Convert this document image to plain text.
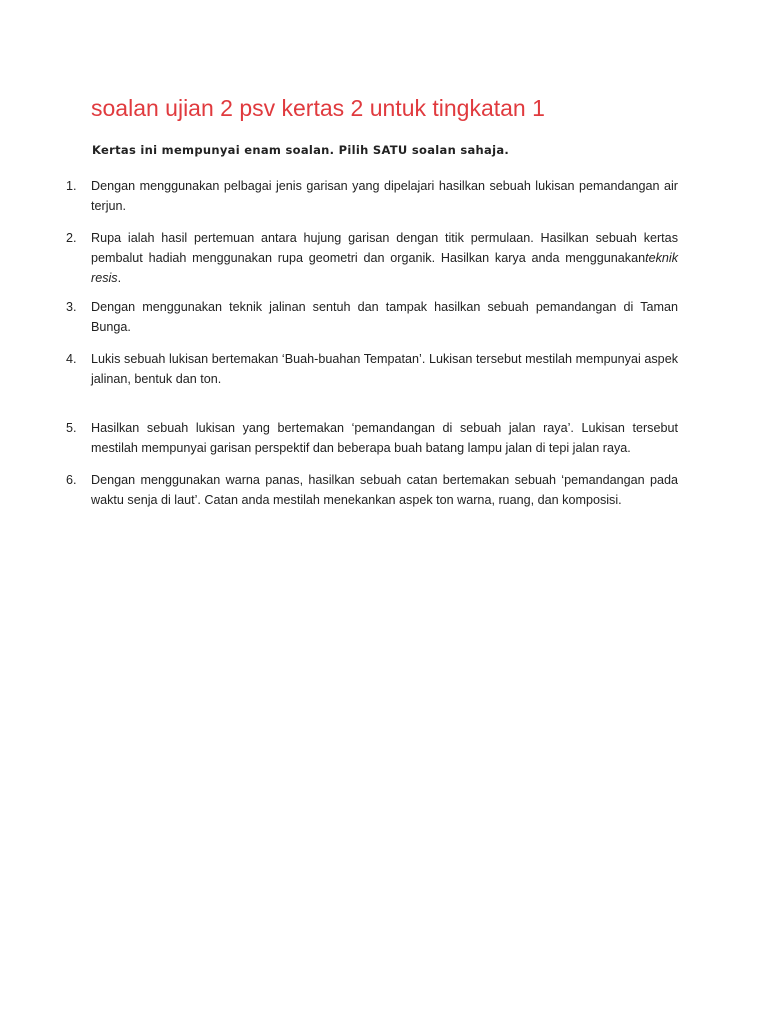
soalan ujian 2 psv kertas 2 untuk tingkatan 1

Kertas ini mempunyai enam soalan. Pilih SATU soalan sahaja.

1.	Dengan menggunakan pelbagai jenis garisan yang dipelajari hasilkan sebuah lukisan pemandangan air terjun.
2.	Rupa ialah hasil pertemuan antara hujung garisan dengan titik permulaan. Hasilkan sebuah kertas pembalut hadiah menggunakan rupa geometri dan organik. Hasilkan karya anda menggunakanteknik resis.
3.	Dengan menggunakan teknik jalinan sentuh dan tampak hasilkan sebuah pemandangan di Taman Bunga.
4.	Lukis sebuah lukisan bertemakan ‘Buah-buahan Tempatan’. Lukisan tersebut mestilah mempunyai aspek jalinan, bentuk dan ton.
5.	Hasilkan sebuah lukisan yang bertemakan ‘pemandangan di sebuah jalan raya’. Lukisan tersebut mestilah mempunyai garisan perspektif dan beberapa buah batang lampu jalan di tepi jalan raya.
6.	Dengan menggunakan warna panas, hasilkan sebuah catan bertemakan sebuah ‘pemandangan pada waktu senja di laut’. Catan anda mestilah menekankan aspek ton warna, ruang, dan komposisi.
